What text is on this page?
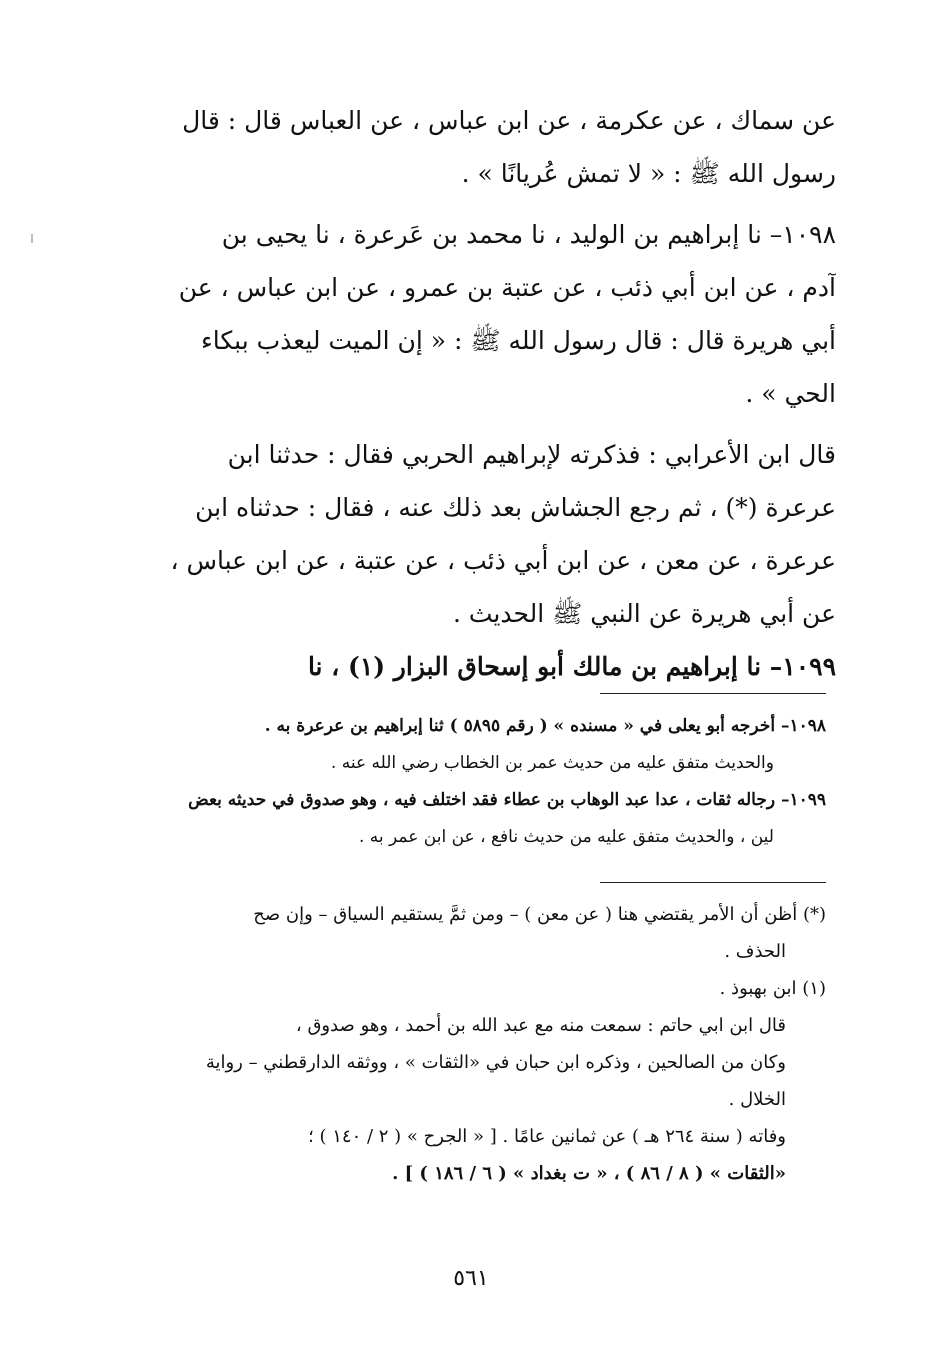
عن سماك ، عن عكرمة ، عن ابن عباس ، عن العباس قال : قال
رسول الله ﷺ : « لا تمش عُريانًا » .
١٠٩٨– نا إبراهيم بن الوليد ، نا محمد بن عَرعرة ، نا يحيى بن
آدم ، عن ابن أبي ذئب ، عن عتبة بن عمرو ، عن ابن عباس ، عن
أبي هريرة قال : قال رسول الله ﷺ : « إن الميت ليعذب ببكاء
الحي » .
قال ابن الأعرابي : فذكرته لإبراهيم الحربي فقال : حدثنا ابن
عرعرة (*) ، ثم رجع الجشاش بعد ذلك عنه ، فقال : حدثناه ابن
عرعرة ، عن معن ، عن ابن أبي ذئب ، عن عتبة ، عن ابن عباس ،
عن أبي هريرة عن النبي ﷺ الحديث .
١٠٩٩– نا إبراهيم بن مالك أبو إسحاق البزار (١) ، نا
١٠٩٨– أخرجه أبو يعلى في « مسنده » ( رقم ٥٨٩٥ ) ثنا إبراهيم بن عرعرة به .
والحديث متفق عليه من حديث عمر بن الخطاب رضي الله عنه .
١٠٩٩– رجاله ثقات ، عدا عبد الوهاب بن عطاء فقد اختلف فيه ، وهو صدوق في حديثه بعض
لين ، والحديث متفق عليه من حديث نافع ، عن ابن عمر به .
(*) أظن أن الأمر يقتضي هنا ( عن معن ) – ومن ثمَّ يستقيم السياق – وإن صح
الحذف .
(١) ابن بهبوذ .
قال ابن ابي حاتم : سمعت منه مع عبد الله بن أحمد ، وهو صدوق ،
وكان من الصالحين ، وذكره ابن حبان في «الثقات » ، ووثقه الدارقطني – رواية
الخلال .
وفاته ( سنة ٢٦٤ هـ ) عن ثمانين عامًا . [ « الجرح » ( ٢ / ١٤٠ ) ؛
«الثقات » ( ٨ / ٨٦ ) ، « ت بغداد » ( ٦ / ١٨٦ ) ] .
٥٦١
